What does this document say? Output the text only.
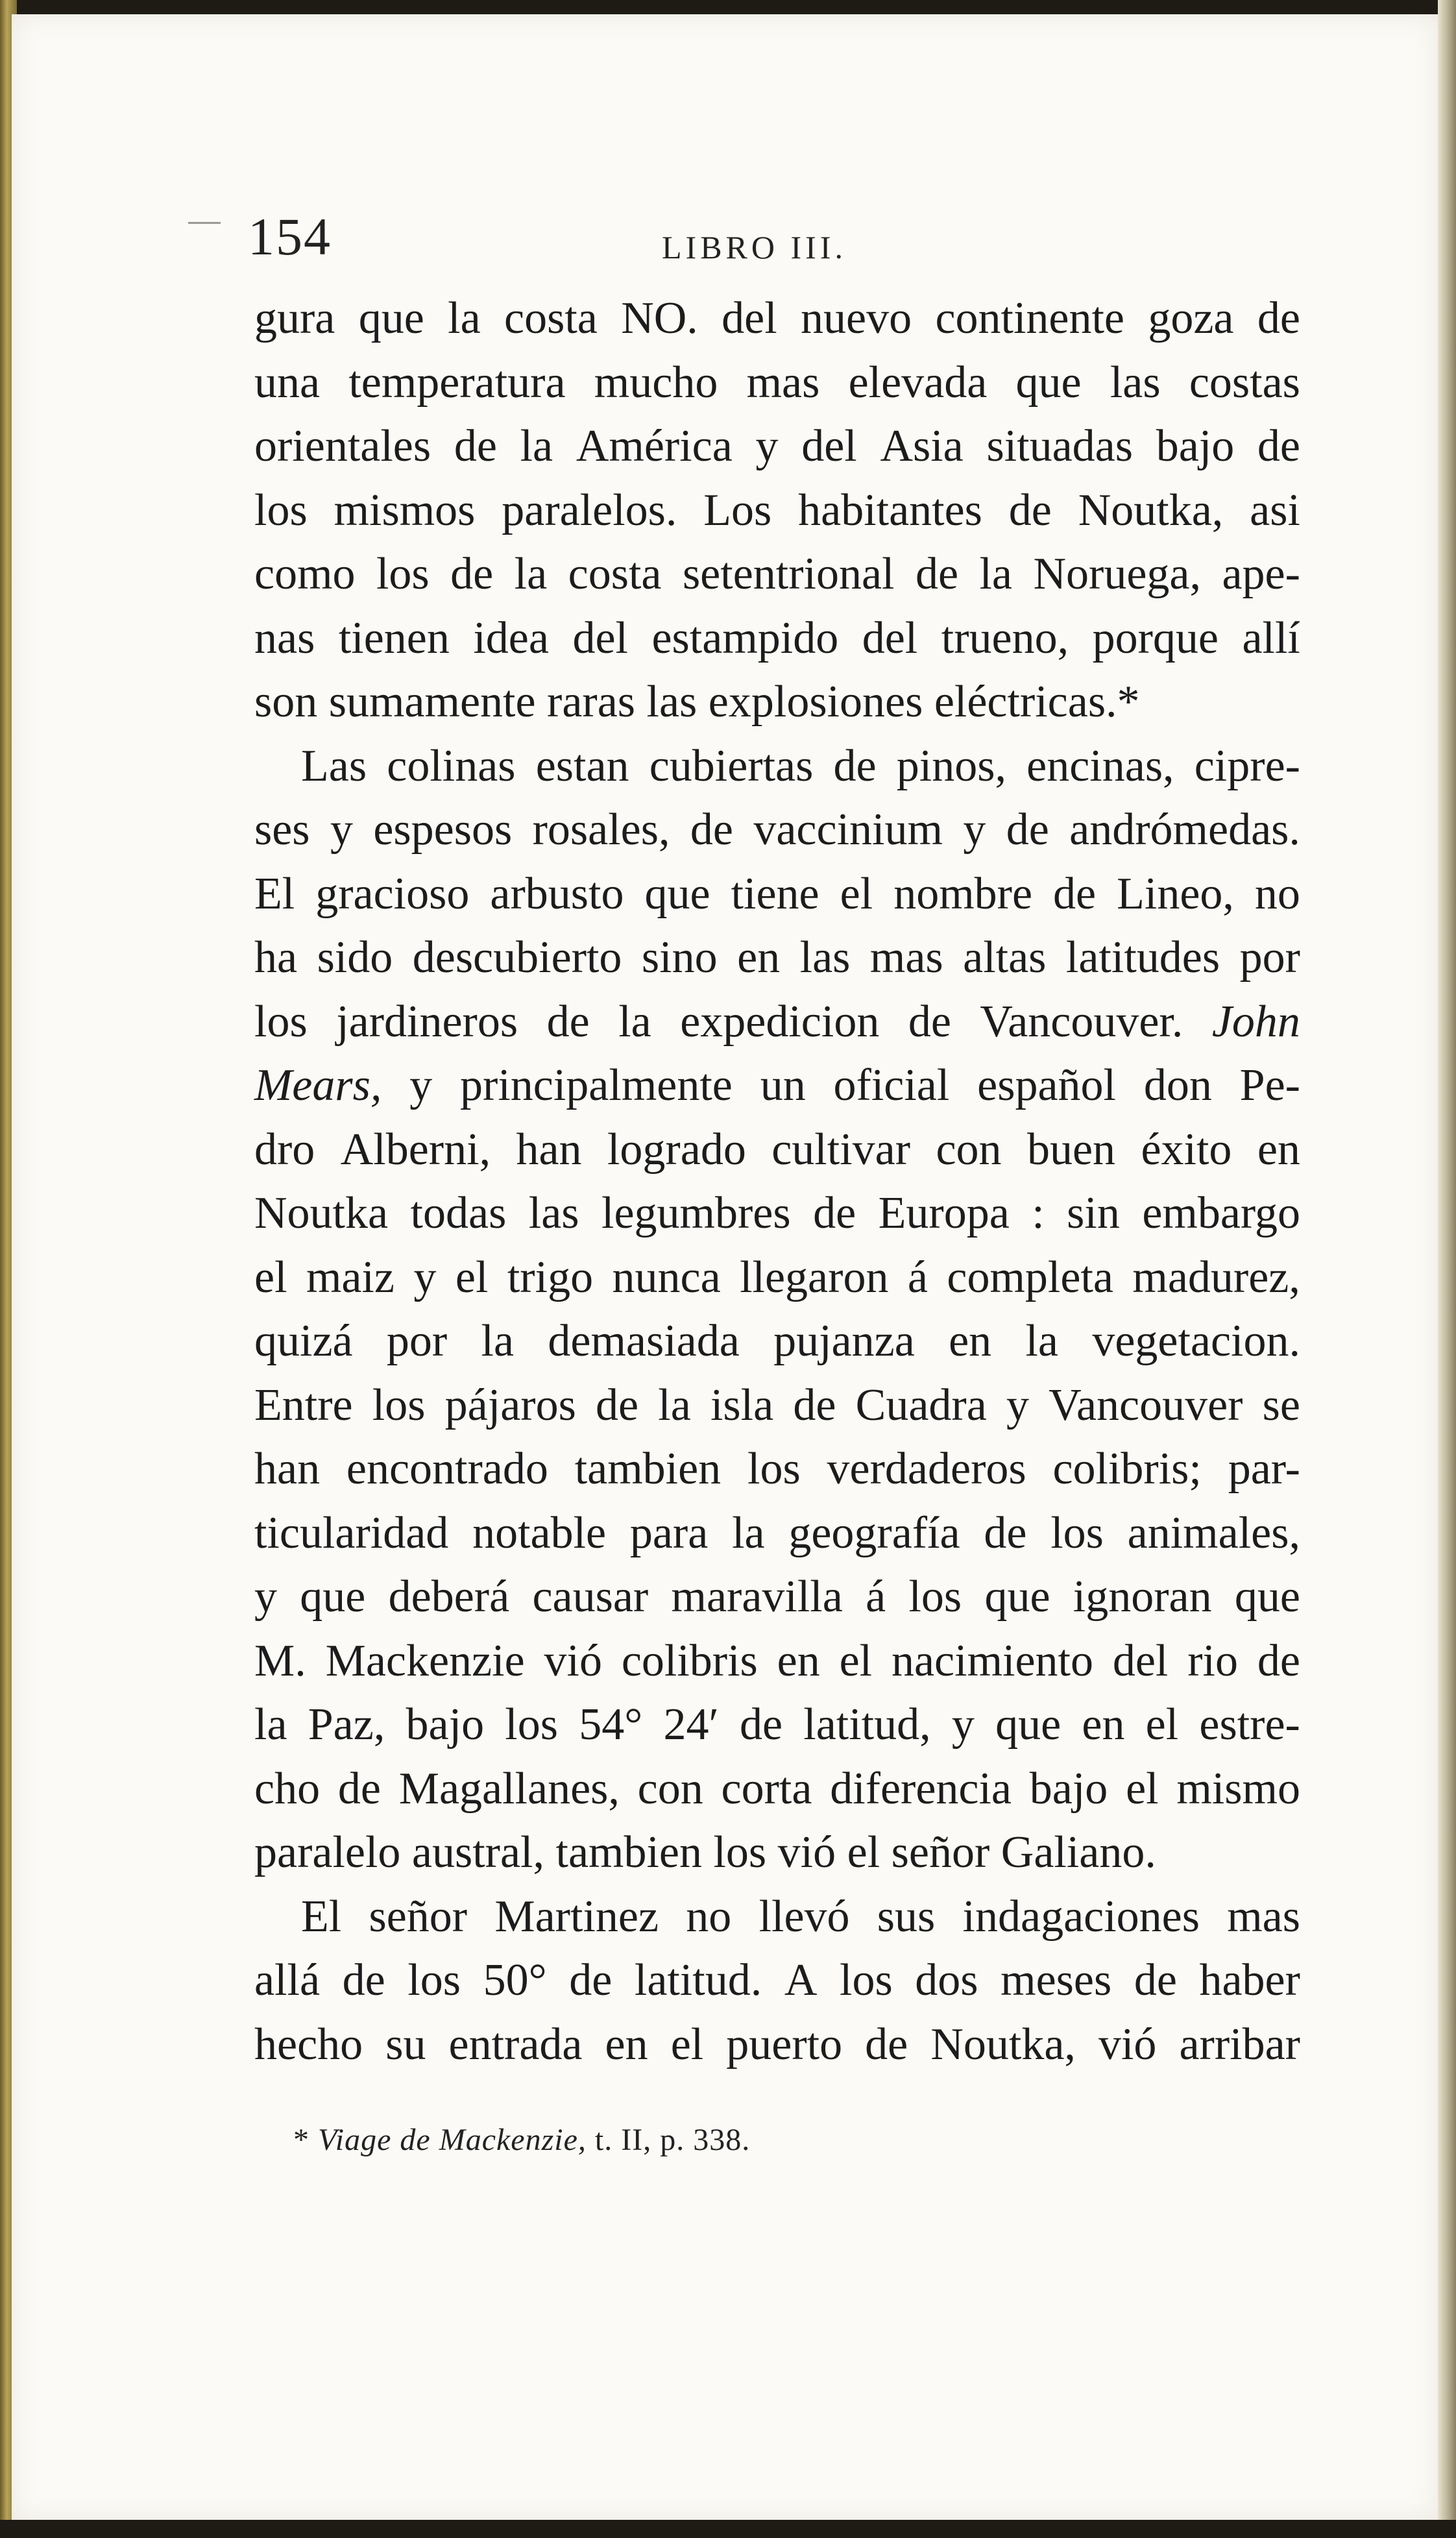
154	LIBRO III.
gura que la costa NO. del nuevo continente goza de
una temperatura mucho mas elevada que las costas
orientales de la América y del Asia situadas bajo de
los mismos paralelos. Los habitantes de Noutka, asi
como los de la costa setentrional de la Noruega, ape-
nas tienen idea del estampido del trueno, porque allí
son sumamente raras las explosiones eléctricas.*
Las colinas estan cubiertas de pinos, encinas, cipre-
ses y espesos rosales, de vaccinium y de andrómedas.
El gracioso arbusto que tiene el nombre de Lineo, no
ha sido descubierto sino en las mas altas latitudes por
los jardineros de la expedicion de Vancouver. John
Mears, y principalmente un oficial español don Pe-
dro Alberni, han logrado cultivar con buen éxito en
Noutka todas las legumbres de Europa : sin embargo
el maiz y el trigo nunca llegaron á completa madurez,
quizá por la demasiada pujanza en la vegetacion.
Entre los pájaros de la isla de Cuadra y Vancouver se
han encontrado tambien los verdaderos colibris; par-
ticularidad notable para la geografía de los animales,
y que deberá causar maravilla á los que ignoran que
M. Mackenzie vió colibris en el nacimiento del rio de
la Paz, bajo los 54° 24′ de latitud, y que en el estre-
cho de Magallanes, con corta diferencia bajo el mismo
paralelo austral, tambien los vió el señor Galiano.
El señor Martinez no llevó sus indagaciones mas
allá de los 50° de latitud. A los dos meses de haber
hecho su entrada en el puerto de Noutka, vió arribar
* Viage de Mackenzie, t. II, p. 338.
